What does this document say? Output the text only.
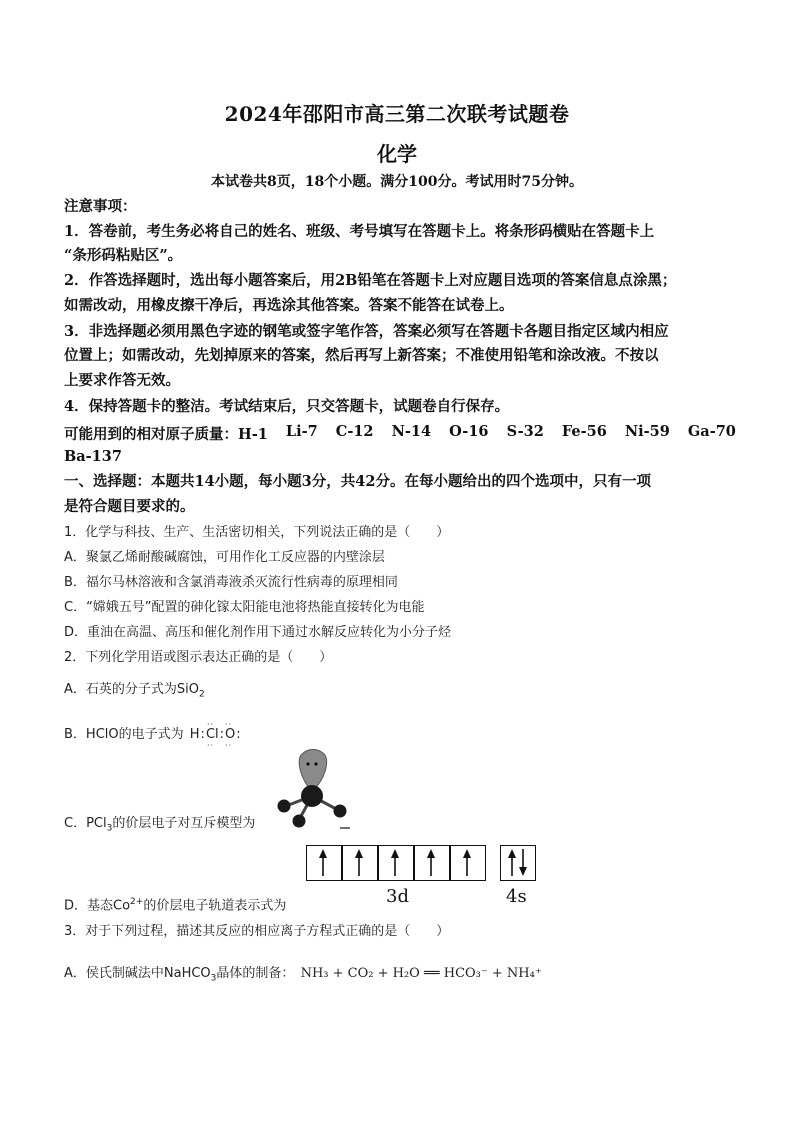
2024年邵阳市高三第二次联考试题卷
化学
本试卷共8页，18个小题。满分100分。考试用时75分钟。
注意事项：
1．答卷前，考生务必将自己的姓名、班级、考号填写在答题卡上。将条形码横贴在答题卡上
“条形码粘贴区”。
2．作答选择题时，选出每小题答案后，用2B铅笔在答题卡上对应题目选项的答案信息点涂黑；
如需改动，用橡皮擦干净后，再选涂其他答案。答案不能答在试卷上。
3．非选择题必须用黑色字迹的钢笔或签字笔作答，答案必须写在答题卡各题目指定区域内相应
位置上；如需改动，先划掉原来的答案，然后再写上新答案；不准使用铅笔和涂改液。不按以
上要求作答无效。
4．保持答题卡的整洁。考试结束后，只交答题卡，试题卷自行保存。
可能用到的相对原子质量：H-1 Li-7 C-12 N-14 O-16 S-32 Fe-56 Ni-59 Ga-70
Ba-137
一、选择题：本题共14小题，每小题3分，共42分。在每小题给出的四个选项中，只有一项
是符合题目要求的。
1．化学与科技、生产、生活密切相关，下列说法正确的是（　　）
A．聚氯乙烯耐酸碱腐蚀，可用作化工反应器的内壁涂层
B．福尔马林溶液和含氯消毒液杀灭流行性病毒的原理相同
C．“嫦娥五号”配置的砷化镓太阳能电池将热能直接转化为电能
D．重油在高温、高压和催化剂作用下通过水解反应转化为小分子烃
2．下列化学用语或图示表达正确的是（　　）
A．石英的分子式为SiO$_2$
B．HClO的电子式为 H:
··
Cl
··
:
··
O
··
:
C．PCl$_3$的价层电子对互斥模型为
3d	4s
D．基态$Co^{2+}$的价层电子轨道表示式为
3．对于下列过程，描述其反应的相应离子方程式正确的是（　　）
A．侯氏制碱法中NaHCO$_3$晶体的制备： NH₃ + CO₂ + H₂O ══ HCO₃⁻ + NH₄⁺
